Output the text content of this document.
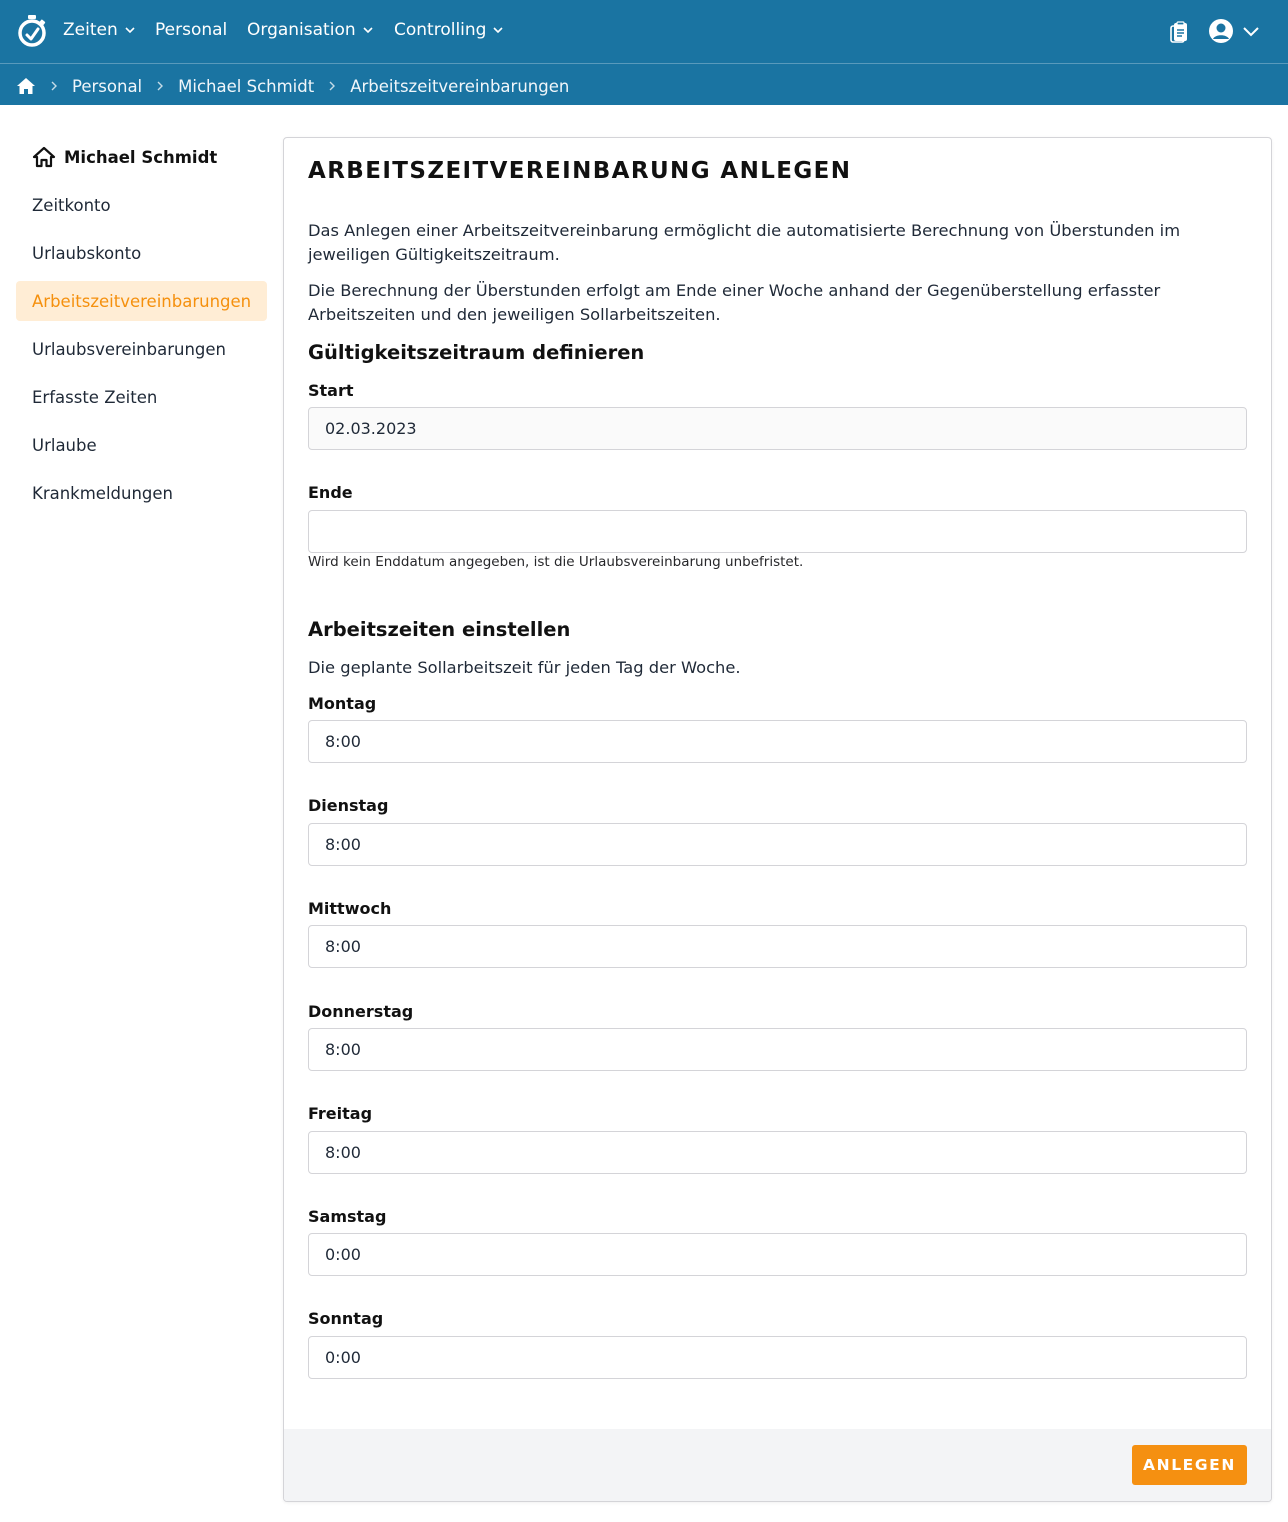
Zeiten Personal Organisation Controlling
Personal Michael Schmidt Arbeitszeitvereinbarungen
Michael Schmidt
Zeitkonto
Urlaubskonto
Arbeitszeitvereinbarungen
Urlaubsvereinbarungen
Erfasste Zeiten
Urlaube
Krankmeldungen
ARBEITSZEITVEREINBARUNG ANLEGEN
Das Anlegen einer Arbeitszeitvereinbarung ermöglicht die automatisierte Berechnung von Überstunden im jeweiligen Gültigkeitszeitraum.
Die Berechnung der Überstunden erfolgt am Ende einer Woche anhand der Gegenüberstellung erfasster Arbeitszeiten und den jeweiligen Sollarbeitszeiten.
Gültigkeitszeitraum definieren
Start
02.03.2023
Ende
Wird kein Enddatum angegeben, ist die Urlaubsvereinbarung unbefristet.
Arbeitszeiten einstellen
Die geplante Sollarbeitszeit für jeden Tag der Woche.
Montag
8:00
Dienstag
8:00
Mittwoch
8:00
Donnerstag
8:00
Freitag
8:00
Samstag
0:00
Sonntag
0:00
ANLEGEN
